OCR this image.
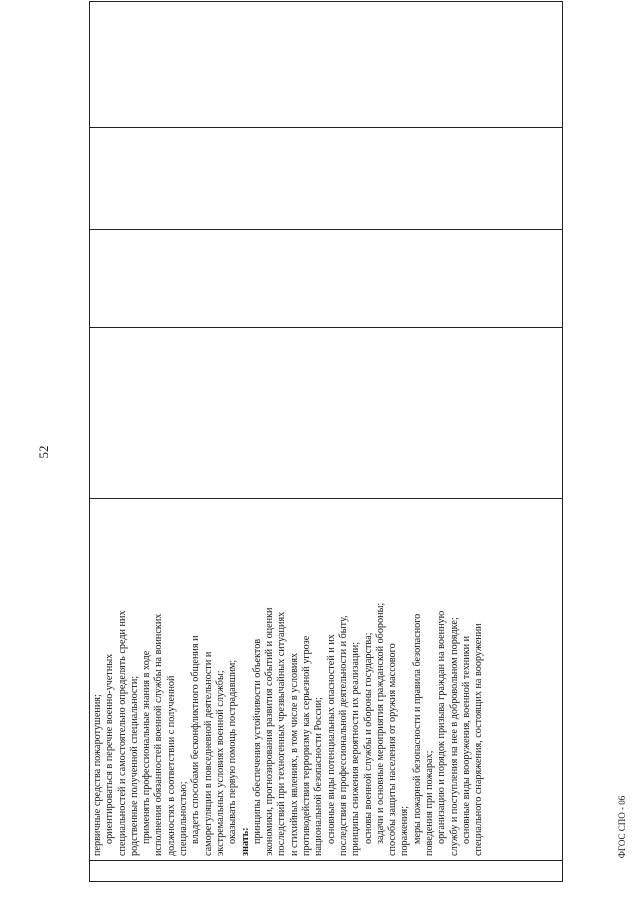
52
ФГОС СПО - 06

первичные средства пожаротушения; ориентироваться в перечне военно-учетных специальностей и самостоятельно определять среди них родственные полученной специальности; применять профессиональные знания в ходе исполнения обязанностей военной службы на воинских должностях в соответствии с полученной специальностью; владеть способами бесконфликтного общения и саморегуляции в повседневной деятельности и экстремальных условиях военной службы; оказывать первую помощь пострадавшим; знать: принципы обеспечения устойчивости объектов экономики, прогнозирования развития событий и оценки последствий при техногенных чрезвычайных ситуациях и стихийных явлениях, в том числе в условиях противодействия терроризму как серьезной угрозе национальной безопасности России; основные виды потенциальных опасностей и их последствия в профессиональной деятельности и быту, принципы снижения вероятности их реализации; основы военной службы и обороны государства; задачи и основные мероприятия гражданской обороны; способы защиты населения от оружия массового поражения; меры пожарной безопасности и правила безопасного поведения при пожарах; организацию и порядок призыва граждан на военную службу и поступления на нее в добровольном порядке; основные виды вооружения, военной техники и специального снаряжения, состоящих на вооружении
